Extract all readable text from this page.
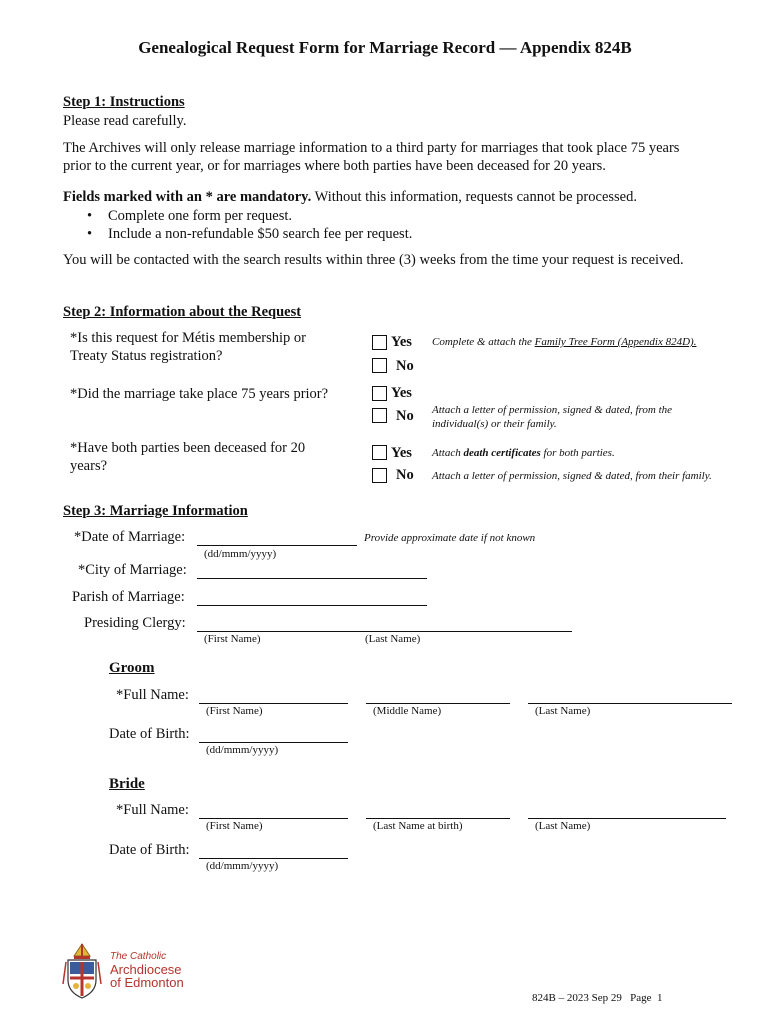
Genealogical Request Form for Marriage Record — Appendix 824B
Step 1: Instructions
Please read carefully.
The Archives will only release marriage information to a third party for marriages that took place 75 years prior to the current year, or for marriages where both parties have been deceased for 20 years.
Fields marked with an * are mandatory. Without this information, requests cannot be processed.
• Complete one form per request.
• Include a non-refundable $50 search fee per request.
You will be contacted with the search results within three (3) weeks from the time your request is received.
Step 2: Information about the Request
*Is this request for Métis membership or Treaty Status registration?
Yes Complete & attach the Family Tree Form (Appendix 824D).
No
*Did the marriage take place 75 years prior?	Yes
No Attach a letter of permission, signed & dated, from the individual(s) or their family.
*Have both parties been deceased for 20 years?
Yes Attach death certificates for both parties.
No Attach a letter of permission, signed & dated, from their family.
Step 3: Marriage Information
*Date of Marriage:	Provide approximate date if not known
(dd/mmm/yyyy)
*City of Marriage:
Parish of Marriage:
Presiding Clergy:
(First Name)	(Last Name)
Groom
*Full Name:
(First Name)	(Middle Name)	(Last Name)
Date of Birth:
(dd/mmm/yyyy)
Bride
*Full Name:
(First Name)	(Last Name at birth)	(Last Name)
Date of Birth:
(dd/mmm/yyyy)
The Catholic
Archdiocese
of Edmonton
824B – 2023 Sep 29   Page  1
